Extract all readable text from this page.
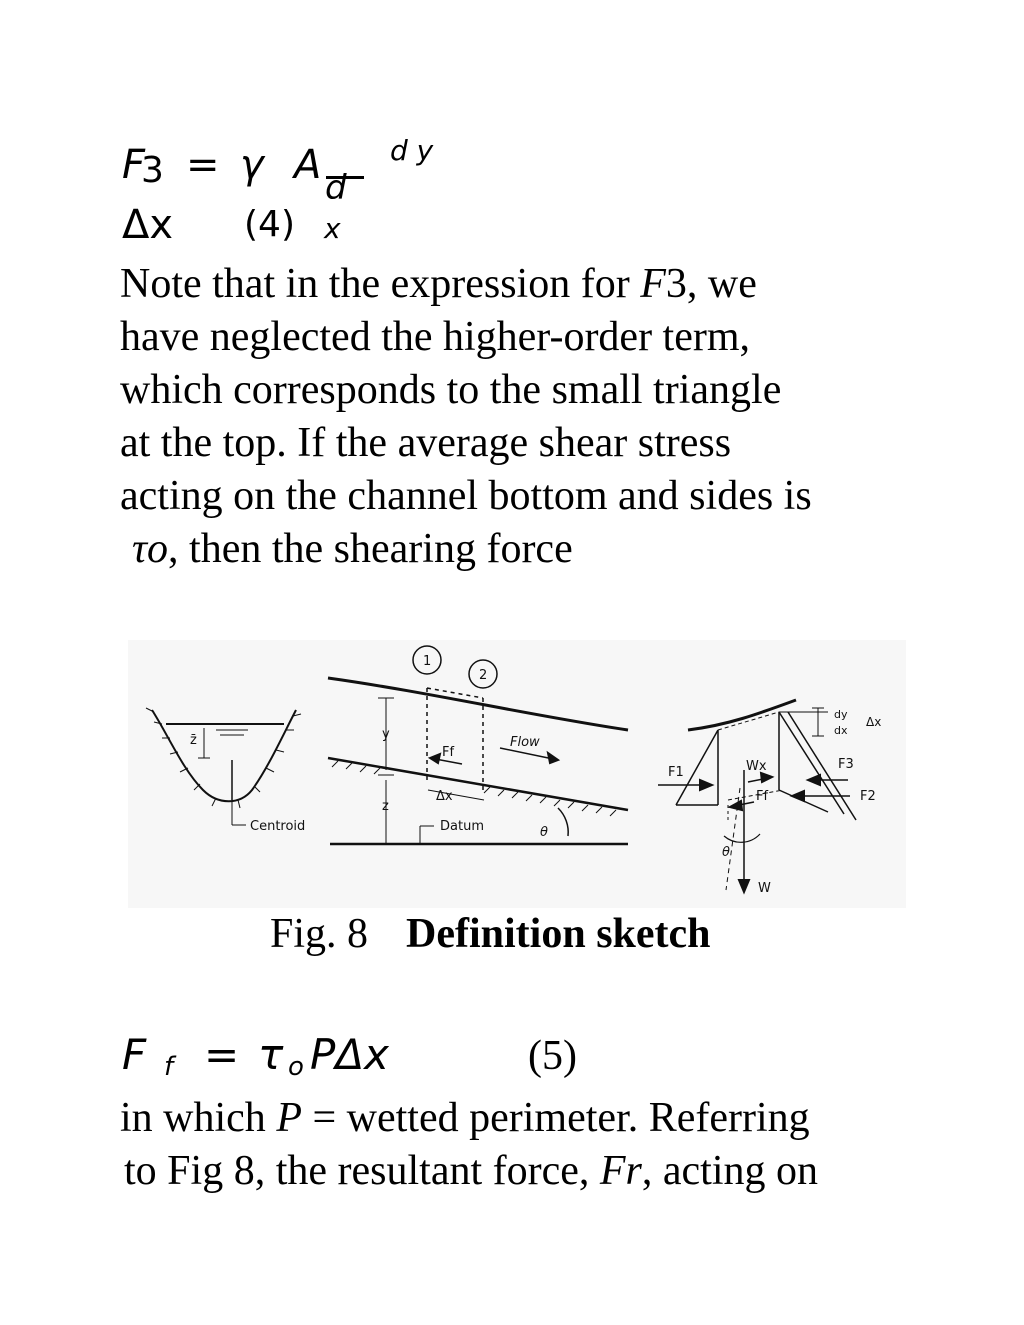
F
3 = γ A d y
d
Δx (4) x
Note that in the expression for F3, we
have neglected the higher-order term,
which corresponds to the small triangle
at the top. If the average shear stress
acting on the channel bottom and sides is
τo, then the shearing force
1
2
z̄	y
Flow
Ff
Δx
z
Datum	θ
Centroid
dy
dx
Δx
F1
F2
F3
Wx
Ff
θ
W
Fig. 8 Definition sketch
F f = τ o PΔx	(5)
in which P = wetted perimeter. Referring
to Fig 8, the resultant force, Fr, acting on
